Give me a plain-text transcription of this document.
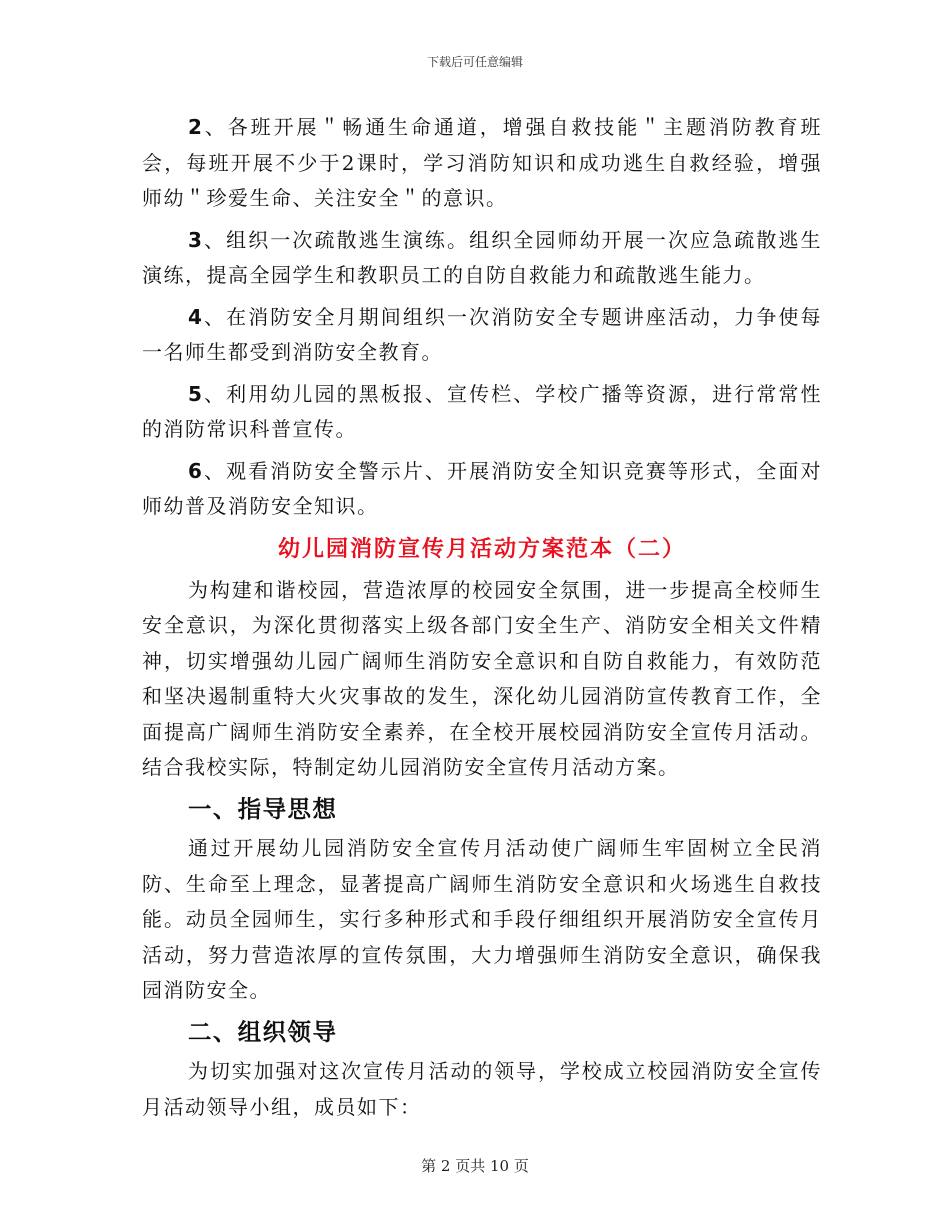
下载后可任意编辑

2、各班开展＂畅通生命通道，增强自救技能＂主题消防教育班会，每班开展不少于2课时，学习消防知识和成功逃生自救经验，增强师幼＂珍爱生命、关注安全＂的意识。

3、组织一次疏散逃生演练。组织全园师幼开展一次应急疏散逃生演练，提高全园学生和教职员工的自防自救能力和疏散逃生能力。

4、在消防安全月期间组织一次消防安全专题讲座活动，力争使每一名师生都受到消防安全教育。

5、利用幼儿园的黑板报、宣传栏、学校广播等资源，进行常常性的消防常识科普宣传。

6、观看消防安全警示片、开展消防安全知识竞赛等形式，全面对师幼普及消防安全知识。

幼儿园消防宣传月活动方案范本（二）

为构建和谐校园，营造浓厚的校园安全氛围，进一步提高全校师生安全意识，为深化贯彻落实上级各部门安全生产、消防安全相关文件精神，切实增强幼儿园广阔师生消防安全意识和自防自救能力，有效防范和坚决遏制重特大火灾事故的发生，深化幼儿园消防宣传教育工作，全面提高广阔师生消防安全素养，在全校开展校园消防安全宣传月活动。结合我校实际，特制定幼儿园消防安全宣传月活动方案。

一、指导思想

通过开展幼儿园消防安全宣传月活动使广阔师生牢固树立全民消防、生命至上理念，显著提高广阔师生消防安全意识和火场逃生自救技能。动员全园师生，实行多种形式和手段仔细组织开展消防安全宣传月活动，努力营造浓厚的宣传氛围，大力增强师生消防安全意识，确保我园消防安全。

二、组织领导

为切实加强对这次宣传月活动的领导，学校成立校园消防安全宣传月活动领导小组，成员如下：

第 2 页共 10 页
